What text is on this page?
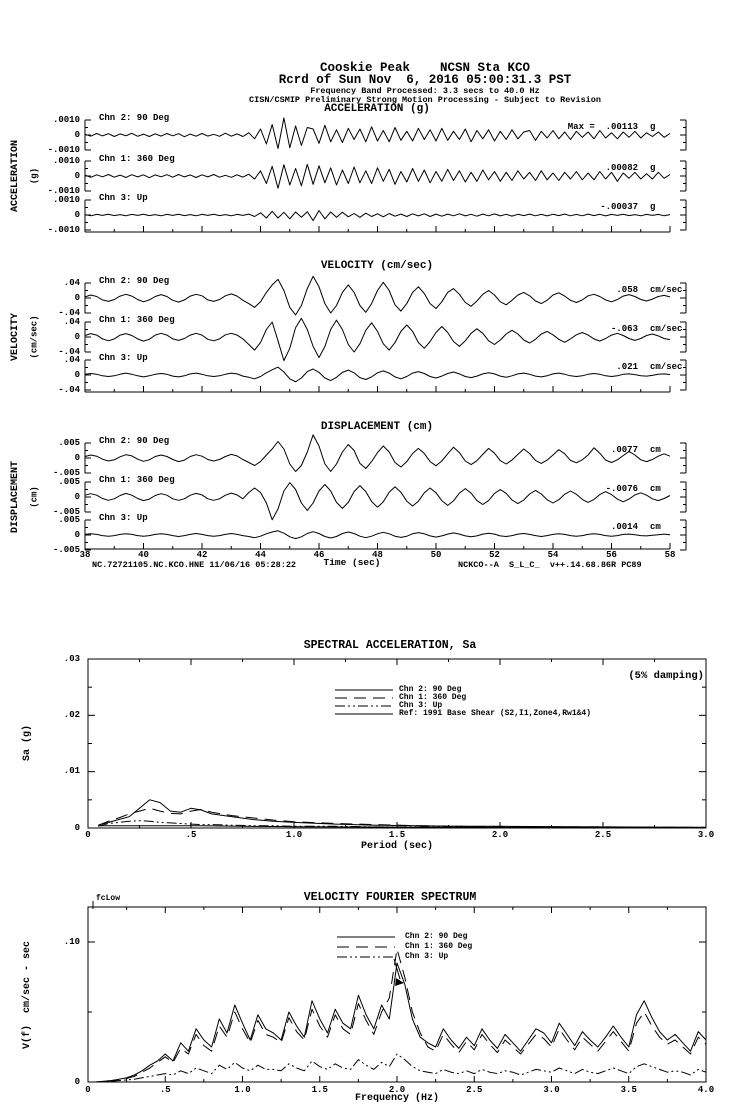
Cooskie Peak    NCSN Sta KCO
Rcrd of Sun Nov  6, 2016 05:00:31.3 PST
Frequency Band Processed: 3.3 secs to 40.0 Hz
CISN/CSMIP Preliminary Strong Motion Processing - Subject to Revision
ACCELERATION (g)
VELOCITY (cm/sec)
DISPLACEMENT (cm)
ACCELERATION (g)
VELOCITY (cm/sec)
DISPLACEMENT (cm)
Time (sec)
NC.72721105.NC.KCO.HNE 11/06/16 05:28:22	NCKCO--A  S_L_C_  v++.14.68.86R PC89
SPECTRAL ACCELERATION, Sa
(5% damping)
Sa (g)
Period (sec)
VELOCITY FOURIER SPECTRUM
fcLow
V(f)  cm/sec - sec
Frequency (Hz)
.0010
0
-.0010
Chn 2: 90 Deg
Max =  .00113 g
.0010
0
-.0010
Chn 1: 360 Deg
.00082 g
.0010
0
-.0010
Chn 3: Up
-.00037 g
.04
0
-.04
Chn 2: 90 Deg
.058 cm/sec
.04
0
-.04
Chn 1: 360 Deg
-.063 cm/sec
.04
0
-.04
Chn 3: Up
.021 cm/sec
38	40	42	44	46	48	50	52	54	56	58
.005
0
-.005
Chn 2: 90 Deg
.0077 cm
.005
0
-.005
Chn 1: 360 Deg
-.0076 cm
.005
0
-.005
Chn 3: Up
.0014 cm
.03
.02
.01
0
0	.5	1.0	1.5	2.0	2.5	3.0
Chn 2: 90 Deg
Chn 1: 360 Deg
Chn 3: Up
Ref: 1991 Base Shear (S2,I1,Zone4,Rw1&4)
.10
0
0	.5	1.0	1.5	2.0	2.5	3.0	3.5	4.0
Chn 2: 90 Deg
Chn 1: 360 Deg
Chn 3: Up
